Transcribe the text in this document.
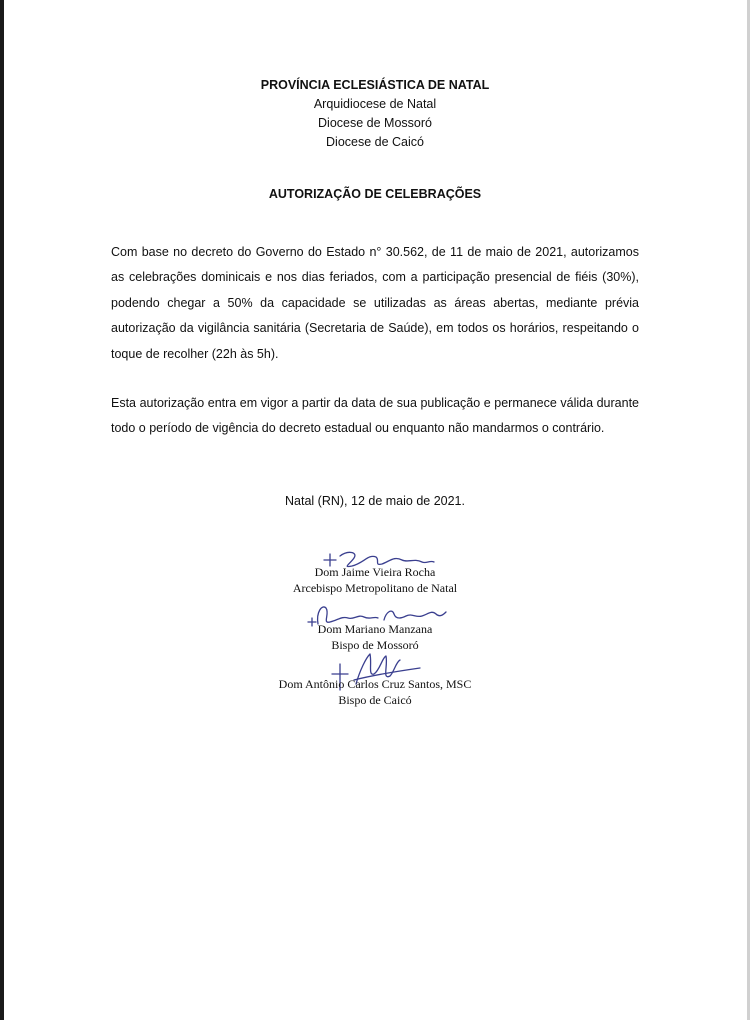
PROVÍNCIA ECLESIÁSTICA DE NATAL
Arquidiocese de Natal
Diocese de Mossoró
Diocese de Caicó
AUTORIZAÇÃO DE CELEBRAÇÕES
Com base no decreto do Governo do Estado n° 30.562, de 11 de maio de 2021, autorizamos as celebrações dominicais e nos dias feriados, com a participação presencial de fiéis (30%), podendo chegar a 50% da capacidade se utilizadas as áreas abertas, mediante prévia autorização da vigilância sanitária (Secretaria de Saúde), em todos os horários, respeitando o toque de recolher (22h às 5h).
Esta autorização entra em vigor a partir da data de sua publicação e permanece válida durante todo o período de vigência do decreto estadual ou enquanto não mandarmos o contrário.
Natal (RN), 12 de maio de 2021.
Dom Jaime Vieira Rocha
Arcebispo Metropolitano de Natal
Dom Mariano Manzana
Bispo de Mossoró
Dom Antônio Carlos Cruz Santos, MSC
Bispo de Caicó
